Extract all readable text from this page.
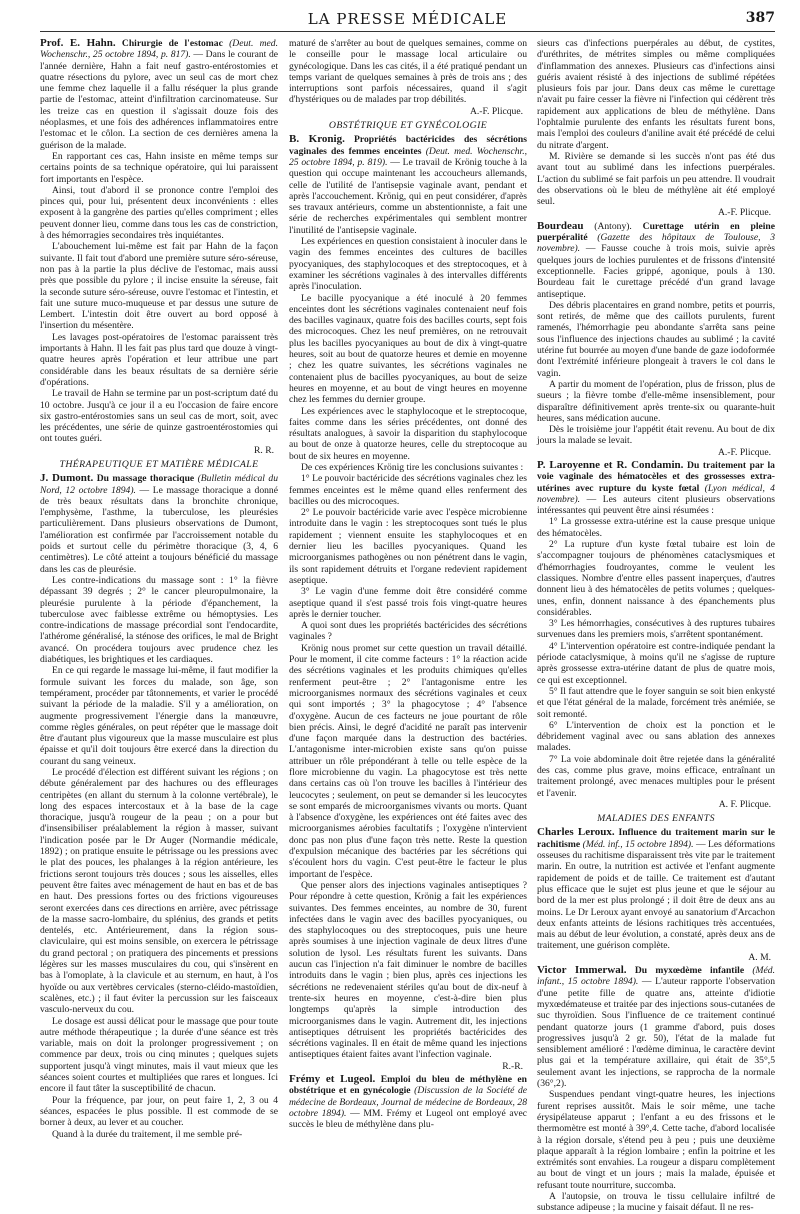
LA PRESSE MÉDICALE	387

Prof. E. Hahn. Chirurgie de l'estomac (Deut. med. Wochenschr., 25 octobre 1894, p. 817). — Dans le courant de l'année dernière, Hahn a fait neuf gastro-entérostomies et quatre résections du pylore, avec un seul cas de mort chez une femme chez laquelle il a fallu réséquer la plus grande partie de l'estomac, atteint d'infiltration carcinomateuse. Sur les treize cas en question il s'agissait douze fois des néoplasmes, et une fois des adhérences inflammatoires entre l'estomac et le côlon. La section de ces dernières amena la guérison de la malade.

En rapportant ces cas, Hahn insiste en même temps sur certains points de sa technique opératoire, qui lui paraissent fort importants en l'espèce.

Ainsi, tout d'abord il se prononce contre l'emploi des pinces qui, pour lui, présentent deux inconvénients : elles exposent à la gangrène des parties qu'elles compriment ; elles peuvent donner lieu, comme dans tous les cas de constriction, à des hémorragies secondaires très inquiétantes.

L'abouchement lui-même est fait par Hahn de la façon suivante. Il fait tout d'abord une première suture séro-séreuse, non pas à la partie la plus déclive de l'estomac, mais aussi près que possible du pylore ; il incise ensuite la séreuse, fait la seconde suture séro-séreuse, ouvre l'estomac et l'intestin, et fait une suture muco-muqueuse et par dessus une suture de Lembert. L'intestin doit être ouvert au bord opposé à l'insertion du mésentère.

Les lavages post-opératoires de l'estomac paraissent très importants à Hahn. Il les fait pas plus tard que douze à vingt-quatre heures après l'opération et leur attribue une part considérable dans les beaux résultats de sa dernière série d'opérations.

Le travail de Hahn se termine par un post-scriptum daté du 10 octobre. Jusqu'à ce jour il a eu l'occasion de faire encore six gastro-entérostomies sans un seul cas de mort, soit, avec les précédentes, une série de quinze gastroentérostomies qui ont toutes guéri.

R. R.

THÉRAPEUTIQUE ET MATIÈRE MÉDICALE

J. Dumont. Du massage thoracique (Bulletin médical du Nord, 12 octobre 1894). — Le massage thoracique a donné de très beaux résultats dans la bronchite chronique, l'emphysème, l'asthme, la tuberculose, les pleurésies particulièrement. Dans plusieurs observations de Dumont, l'amélioration est confirmée par l'accroissement notable du poids et surtout celle du périmètre thoracique (3, 4, 6 centimètres). Le côté atteint a toujours bénéficié du massage dans les cas de pleurésie.

Les contre-indications du massage sont : 1° la fièvre dépassant 39 degrés ; 2° le cancer pleuropulmonaire, la pleurésie purulente à la période d'épanchement, la tuberculose avec faiblesse extrême ou hémoptysies. Les contre-indications de massage précordial sont l'endocardite, l'athérome généralisé, la sténose des orifices, le mal de Bright avancé. On procédera toujours avec prudence chez les diabétiques, les brightiques et les cardiaques.

En ce qui regarde le massage lui-même, il faut modifier la formule suivant les forces du malade, son âge, son tempérament, procéder par tâtonnements, et varier le procédé suivant la période de la maladie. S'il y a amélioration, on augmente progressivement l'énergie dans la manœuvre, comme règles générales, on peut répéter que le massage doit être d'autant plus vigoureux que la masse musculaire est plus épaisse et qu'il doit toujours être exercé dans la direction du courant du sang veineux.

Le procédé d'élection est différent suivant les régions ; on débute généralement par des hachures ou des effleurages centripètes (en allant du sternum à la colonne vertébrale), le long des espaces intercostaux et à la base de la cage thoracique, jusqu'à rougeur de la peau ; on a pour but d'insensibiliser préalablement la région à masser, suivant l'indication posée par le Dr Auger (Normandie médicale, 1892) ; on pratique ensuite le pétrissage ou les pressions avec le plat des pouces, les phalanges à la région antérieure, les frictions seront toujours très douces ; sous les aisselles, elles peuvent être faites avec ménagement de haut en bas et de bas en haut. Des pressions fortes ou des frictions vigoureuses seront exercées dans ces directions en arrière, avec pétrissage de la masse sacro-lombaire, du splénius, des grands et petits dentelés, etc. Antérieurement, dans la région sous-claviculaire, qui est moins sensible, on exercera le pétrissage du grand pectoral ; on pratiquera des pincements et pressions légères sur les masses musculaires du cou, qui s'insèrent en bas à l'omoplate, à la clavicule et au sternum, en haut, à l'os hyoïde ou aux vertèbres cervicales (sterno-cléido-mastoïdien, scalènes, etc.) ; il faut éviter la percussion sur les faisceaux vasculo-nerveux du cou.

Le dosage est aussi délicat pour le massage que pour toute autre méthode thérapeutique ; la durée d'une séance est très variable, mais on doit la prolonger progressivement ; on commence par deux, trois ou cinq minutes ; quelques sujets supportent jusqu'à vingt minutes, mais il vaut mieux que les séances soient courtes et multipliées que rares et longues. Ici encore il faut tâter la susceptibilité de chacun.

Pour la fréquence, par jour, on peut faire 1, 2, 3 ou 4 séances, espacées le plus possible. Il est commode de se borner à deux, au lever et au coucher.

Quand à la durée du traitement, il me semble pré-

maturé de s'arrêter au bout de quelques semaines, comme on le conseille pour le massage local articulaire ou gynécologique. Dans les cas cités, il a été pratiqué pendant un temps variant de quelques semaines à près de trois ans ; des interruptions sont parfois nécessaires, quand il s'agit d'hystériques ou de malades par trop débilités.

A.-F. Plicque.

OBSTÉTRIQUE ET GYNÉCOLOGIE

B. Kronig. Propriétés bactéricides des sécrétions vaginales des femmes enceintes (Deut. med. Wochenschr., 25 octobre 1894, p. 819). — Le travail de Krönig touche à la question qui occupe maintenant les accoucheurs allemands, celle de l'utilité de l'antisepsie vaginale avant, pendant et après l'accouchement. Krönig, qui en peut considérer, d'après ses travaux antérieurs, comme un abstentionniste, a fait une série de recherches expérimentales qui semblent montrer l'inutilité de l'antisepsie vaginale.

Les expériences en question consistaient à inoculer dans le vagin des femmes enceintes des cultures de bacilles pyocyaniques, des staphylocoques et des streptocoques, et à examiner les sécrétions vaginales à des intervalles différents après l'inoculation.

Le bacille pyocyanique a été inoculé à 20 femmes enceintes dont les sécrétions vaginales contenaient neuf fois des bacilles vaginaux, quatre fois des bacilles courts, sept fois des microcoques. Chez les neuf premières, on ne retrouvait plus les bacilles pyocyaniques au bout de dix à vingt-quatre heures, soit au bout de quatorze heures et demie en moyenne ; chez les quatre suivantes, les sécrétions vaginales ne contenaient plus de bacilles pyocyaniques, au bout de seize heures en moyenne, et au bout de vingt heures en moyenne chez les femmes du dernier groupe.

Les expériences avec le staphylocoque et le streptocoque, faites comme dans les séries précédentes, ont donné des résultats analogues, à savoir la disparition du staphylocoque au bout de onze à quatorze heures, celle du streptocoque au bout de six heures en moyenne.

De ces expériences Krönig tire les conclusions suivantes :

1° Le pouvoir bactéricide des sécrétions vaginales chez les femmes enceintes est le même quand elles renferment des bacilles ou des microcoques.

2° Le pouvoir bactéricide varie avec l'espèce microbienne introduite dans le vagin : les streptocoques sont tués le plus rapidement ; viennent ensuite les staphylocoques et en dernier lieu les bacilles pyocyaniques. Quand les microorganismes pathogènes ou non pénétrent dans le vagin, ils sont rapidement détruits et l'organe redevient rapidement aseptique.

3° Le vagin d'une femme doit être considéré comme aseptique quand il s'est passé trois fois vingt-quatre heures après le dernier toucher.

A quoi sont dues les propriétés bactéricides des sécrétions vaginales ?

Krönig nous promet sur cette question un travail détaillé. Pour le moment, il cite comme facteurs : 1° la réaction acide des sécrétions vaginales et les produits chimiques qu'elles renferment peut-être ; 2° l'antagonisme entre les microorganismes normaux des sécrétions vaginales et ceux qui sont importés ; 3° la phagocytose ; 4° l'absence d'oxygène. Aucun de ces facteurs ne joue pourtant de rôle bien précis. Ainsi, le degré d'acidité ne paraît pas intervenir d'une façon marquée dans la destruction des bactéries. L'antagonisme inter-microbien existe sans qu'on puisse attribuer un rôle prépondérant à telle ou telle espèce de la flore microbienne du vagin. La phagocytose est très nette dans certains cas où l'on trouve les bacilles à l'intérieur des leucocytes ; seulement, on peut se demander si les leucocytes se sont emparés de microorganismes vivants ou morts. Quant à l'absence d'oxygène, les expériences ont été faites avec des microorganismes aérobies facultatifs ; l'oxygène n'intervient donc pas non plus d'une façon très nette. Reste la question d'expulsion mécanique des bactéries par les sécrétions qui s'écoulent hors du vagin. C'est peut-être le facteur le plus important de l'espèce.

Que penser alors des injections vaginales antiseptiques ? Pour répondre à cette question, Krönig a fait les expériences suivantes. Des femmes enceintes, au nombre de 30, furent infectées dans le vagin avec des bacilles pyocyaniques, ou des staphylocoques ou des streptocoques, puis une heure après soumises à une injection vaginale de deux litres d'une solution de lysol. Les résultats furent les suivants. Dans aucun cas l'injection n'a fait diminuer le nombre de bacilles introduits dans le vagin ; bien plus, après ces injections les sécrétions ne redevenaient stériles qu'au bout de dix-neuf à trente-six heures en moyenne, c'est-à-dire bien plus longtemps qu'après la simple introduction des microorganismes dans le vagin. Autrement dit, les injections antiseptiques détruisent les propriétés bactéricides des sécrétions vaginales. Il en était de même quand les injections antiseptiques étaient faites avant l'infection vaginale.

R.-R.

Frémy et Lugeol. Emploi du bleu de méthylène en obstétrique et en gynécologie (Discussion de la Société de médecine de Bordeaux, Journal de médecine de Bordeaux, 28 octobre 1894). — MM. Frémy et Lugeol ont employé avec succès le bleu de méthylène dans plu-

sieurs cas d'infections puerpérales au début, de cystites, d'uréthrites, de métrites simples ou même compliquées d'inflammation des annexes. Plusieurs cas d'infections ainsi guéris avaient résisté à des injections de sublimé répétées plusieurs fois par jour. Dans deux cas même le curettage n'avait pu faire cesser la fièvre ni l'infection qui cédèrent très rapidement aux applications de bleu de méthylène. Dans l'ophtalmie purulente des enfants les résultats furent bons, mais l'emploi des couleurs d'aniline avait été précédé de celui du nitrate d'argent.

M. Rivière se demande si les succès n'ont pas été dus avant tout au sublimé dans les infections puerpérales. L'action du sublimé se fait parfois un peu attendre. Il voudrait des observations où le bleu de méthylène ait été employé seul.

A.-F. Plicque.

Bourdeau (Antony). Curettage utérin en pleine puerpéralité (Gazette des hôpitaux de Toulouse, 3 novembre). — Fausse couche à trois mois, suivie après quelques jours de lochies purulentes et de frissons d'intensité exceptionnelle. Facies grippé, agonique, pouls à 130. Bourdeau fait le curettage précédé d'un grand lavage antiseptique.

Des débris placentaires en grand nombre, petits et pourris, sont retirés, de même que des caillots purulents, furent ramenés, l'hémorrhagie peu abondante s'arrêta sans peine sous l'influence des injections chaudes au sublimé ; la cavité utérine fut bourrée au moyen d'une bande de gaze iodoformée dont l'extrémité inférieure plongeait à travers le col dans le vagin.

A partir du moment de l'opération, plus de frisson, plus de sueurs ; la fièvre tombe d'elle-même insensiblement, pour disparaître définitivement après trente-six ou quarante-huit heures, sans médication aucune.

Dès le troisième jour l'appétit était revenu. Au bout de dix jours la malade se levait.

A.-F. Plicque.

P. Laroyenne et R. Condamin. Du traitement par la voie vaginale des hématocèles et des grossesses extra-utérines avec rupture du kyste fœtal (Lyon médical, 4 novembre). — Les auteurs citent plusieurs observations intéressantes qui peuvent être ainsi résumées :

1° La grossesse extra-utérine est la cause presque unique des hématocèles.

2° La rupture d'un kyste fœtal tubaire est loin de s'accompagner toujours de phénomènes cataclysmiques et d'hémorrhagies foudroyantes, comme le veulent les classiques. Nombre d'entre elles passent inaperçues, d'autres donnent lieu à des hématocèles de petits volumes ; quelques-unes, enfin, donnent naissance à des épanchements plus considérables.

3° Les hémorrhagies, consécutives à des ruptures tubaires survenues dans les premiers mois, s'arrêtent spontanément.

4° L'intervention opératoire est contre-indiquée pendant la période cataclysmique, à moins qu'il ne s'agisse de rupture après grossesse extra-utérine datant de plus de quatre mois, ce qui est exceptionnel.

5° Il faut attendre que le foyer sanguin se soit bien enkysté et que l'état général de la malade, forcément très anémiée, se soit remonté.

6° L'intervention de choix est la ponction et le débridement vaginal avec ou sans ablation des annexes malades.

7° La voie abdominale doit être rejetée dans la généralité des cas, comme plus grave, moins efficace, entraînant un traitement prolongé, avec menaces multiples pour le présent et l'avenir.

A. F. Plicque.

MALADIES DES ENFANTS

Charles Leroux. Influence du traitement marin sur le rachitisme (Méd. inf., 15 octobre 1894). — Les déformations osseuses du rachitisme disparaissent très vite par le traitement marin. En outre, la nutrition est activée et l'enfant augmente rapidement de poids et de taille. Ce traitement est d'autant plus efficace que le sujet est plus jeune et que le séjour au bord de la mer est plus prolongé ; il doit être de deux ans au moins. Le Dr Leroux ayant envoyé au sanatorium d'Arcachon deux enfants atteints de lésions rachitiques très accentuées, mais au début de leur évolution, a constaté, après deux ans de traitement, une guérison complète.

A. M.

Victor Immerwal. Du myxœdème infantile (Méd. infant., 15 octobre 1894). — L'auteur rapporte l'observation d'une petite fille de quatre ans, atteinte d'idiotie myxœdémateuse et traitée par des injections sous-cutanées de suc thyroïdien. Sous l'influence de ce traitement continué pendant quatorze jours (1 gramme d'abord, puis doses progressives jusqu'à 2 gr. 50), l'état de la malade fut sensiblement amélioré : l'œdème diminua, le caractère devint plus gai et la température axillaire, qui était de 35°,5 seulement avant les injections, se rapprocha de la normale (36°,2).

Suspendues pendant vingt-quatre heures, les injections furent reprises aussitôt. Mais le soir même, une tache érysipélateuse apparut ; l'enfant a eu des frissons et le thermomètre est monté à 39°,4. Cette tache, d'abord localisée à la région dorsale, s'étend peu à peu ; puis une deuxième plaque apparaît à la région lombaire ; enfin la poitrine et les extrémités sont envahies. La rougeur a disparu complètement au bout de vingt et un jours ; mais la malade, épuisée et refusant toute nourriture, succomba.

A l'autopsie, on trouva le tissu cellulaire infiltré de substance adipeuse ; la mucine y faisait défaut. Il ne res-
